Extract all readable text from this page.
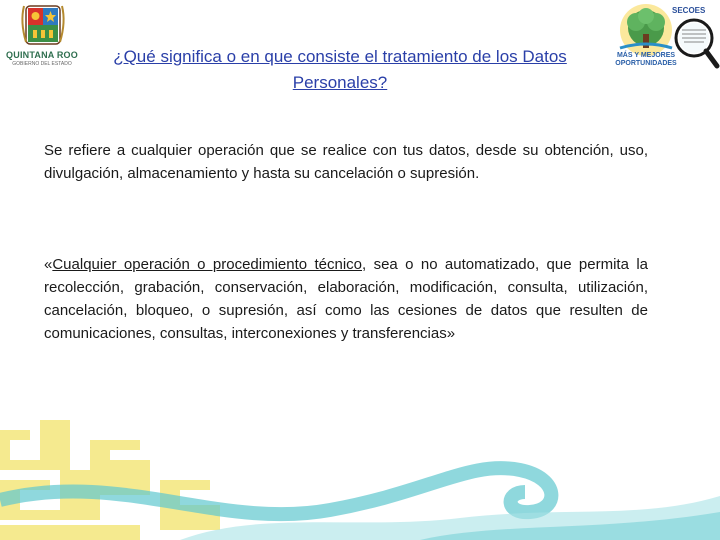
QUINTANA ROO
GOBIERNO DEL ESTADO
SECOES
MÁS Y MEJORES
OPORTUNIDADES
¿Qué significa o en que consiste el tratamiento de los Datos Personales?

Se refiere a cualquier operación que se realice con tus datos, desde su obtención, uso, divulgación, almacenamiento y hasta su cancelación o supresión.

«Cualquier operación o procedimiento técnico, sea o no automatizado, que permita la recolección, grabación, conservación, elaboración, modificación, consulta, utilización, cancelación, bloqueo, o supresión, así como las cesiones de datos que resulten de comunicaciones, consultas, interconexiones y transferencias»
